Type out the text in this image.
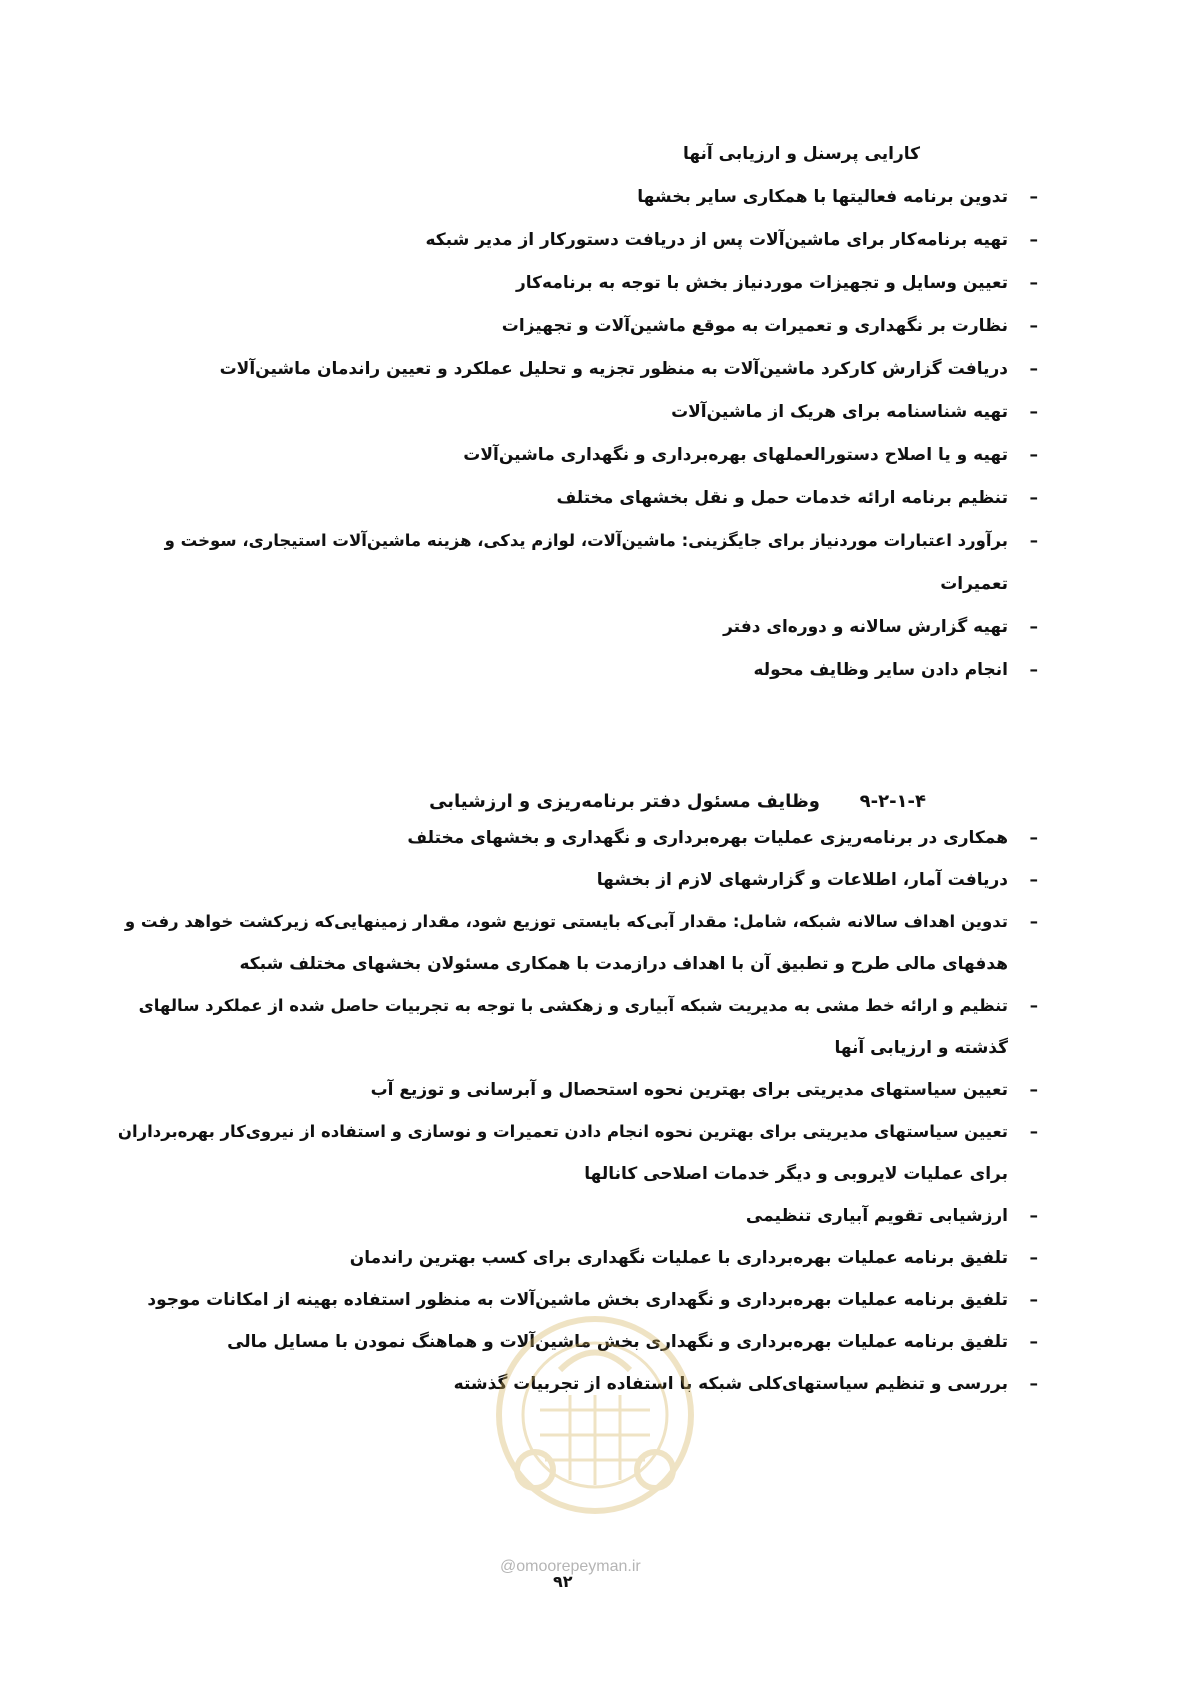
کارایی پرسنل و ارزیابی آنها
–
تدوین برنامه فعالیتها با همکاری سایر بخشها
–
تهیه برنامه‌کار برای ماشین‌آلات پس از دریافت دستورکار از مدیر شبکه
–
تعیین وسایل و تجهیزات موردنیاز بخش با توجه به برنامه‌کار
–
نظارت بر نگهداری و تعمیرات به موقع ماشین‌آلات و تجهیزات
–
دریافت گزارش کارکرد ماشین‌آلات به منظور تجزیه و تحلیل عملکرد و تعیین راندمان ماشین‌آلات
–
تهیه شناسنامه برای هریک از ماشین‌آلات
–
تهیه و یا اصلاح دستورالعملهای بهره‌برداری و نگهداری ماشین‌آلات
–
تنظیم برنامه ارائه خدمات حمل و نقل بخشهای مختلف
–
برآورد اعتبارات موردنیاز برای جایگزینی: ماشین‌آلات، لوازم یدکی، هزینه ماشین‌آلات استیجاری، سوخت و
تعمیرات
–
تهیه گزارش سالانه و دوره‌ای دفتر
–
انجام دادن سایر وظایف محوله
۹-۲-۱-۴
وظایف مسئول دفتر برنامه‌ریزی و ارزشیابی
–
همکاری در برنامه‌ریزی عملیات بهره‌برداری و نگهداری و بخشهای مختلف
–
دریافت آمار، اطلاعات و گزارشهای لازم از بخشها
–
تدوین اهداف سالانه شبکه، شامل: مقدار آبی‌که بایستی توزیع شود، مقدار زمینهایی‌که زیرکشت خواهد رفت و
هدفهای مالی طرح و تطبیق آن با اهداف درازمدت با همکاری مسئولان بخشهای مختلف شبکه
–
تنظیم و ارائه خط مشی به مدیریت شبکه آبیاری و زهکشی با توجه به تجربیات حاصل شده از عملکرد سالهای
گذشته و ارزیابی آنها
–
تعیین سیاستهای مدیریتی برای بهترین نحوه استحصال و آبرسانی و توزیع آب
–
تعیین سیاستهای مدیریتی برای بهترین نحوه انجام دادن تعمیرات و نوسازی و استفاده از نیروی‌کار بهره‌برداران
برای عملیات لایروبی و دیگر خدمات اصلاحی کانالها
–
ارزشیابی تقویم آبیاری تنظیمی
–
تلفیق برنامه عملیات بهره‌برداری با عملیات نگهداری برای کسب بهترین راندمان
–
تلفیق برنامه عملیات بهره‌برداری و نگهداری بخش ماشین‌آلات به منظور استفاده بهینه از امکانات موجود
–
تلفیق برنامه عملیات بهره‌برداری و نگهداری بخش ماشین‌آلات و هماهنگ نمودن با مسایل مالی
–
بررسی و تنظیم سیاستهای‌کلی شبکه با استفاده از تجربیات گذشته
@omoorepeyman.ir
۹۲
